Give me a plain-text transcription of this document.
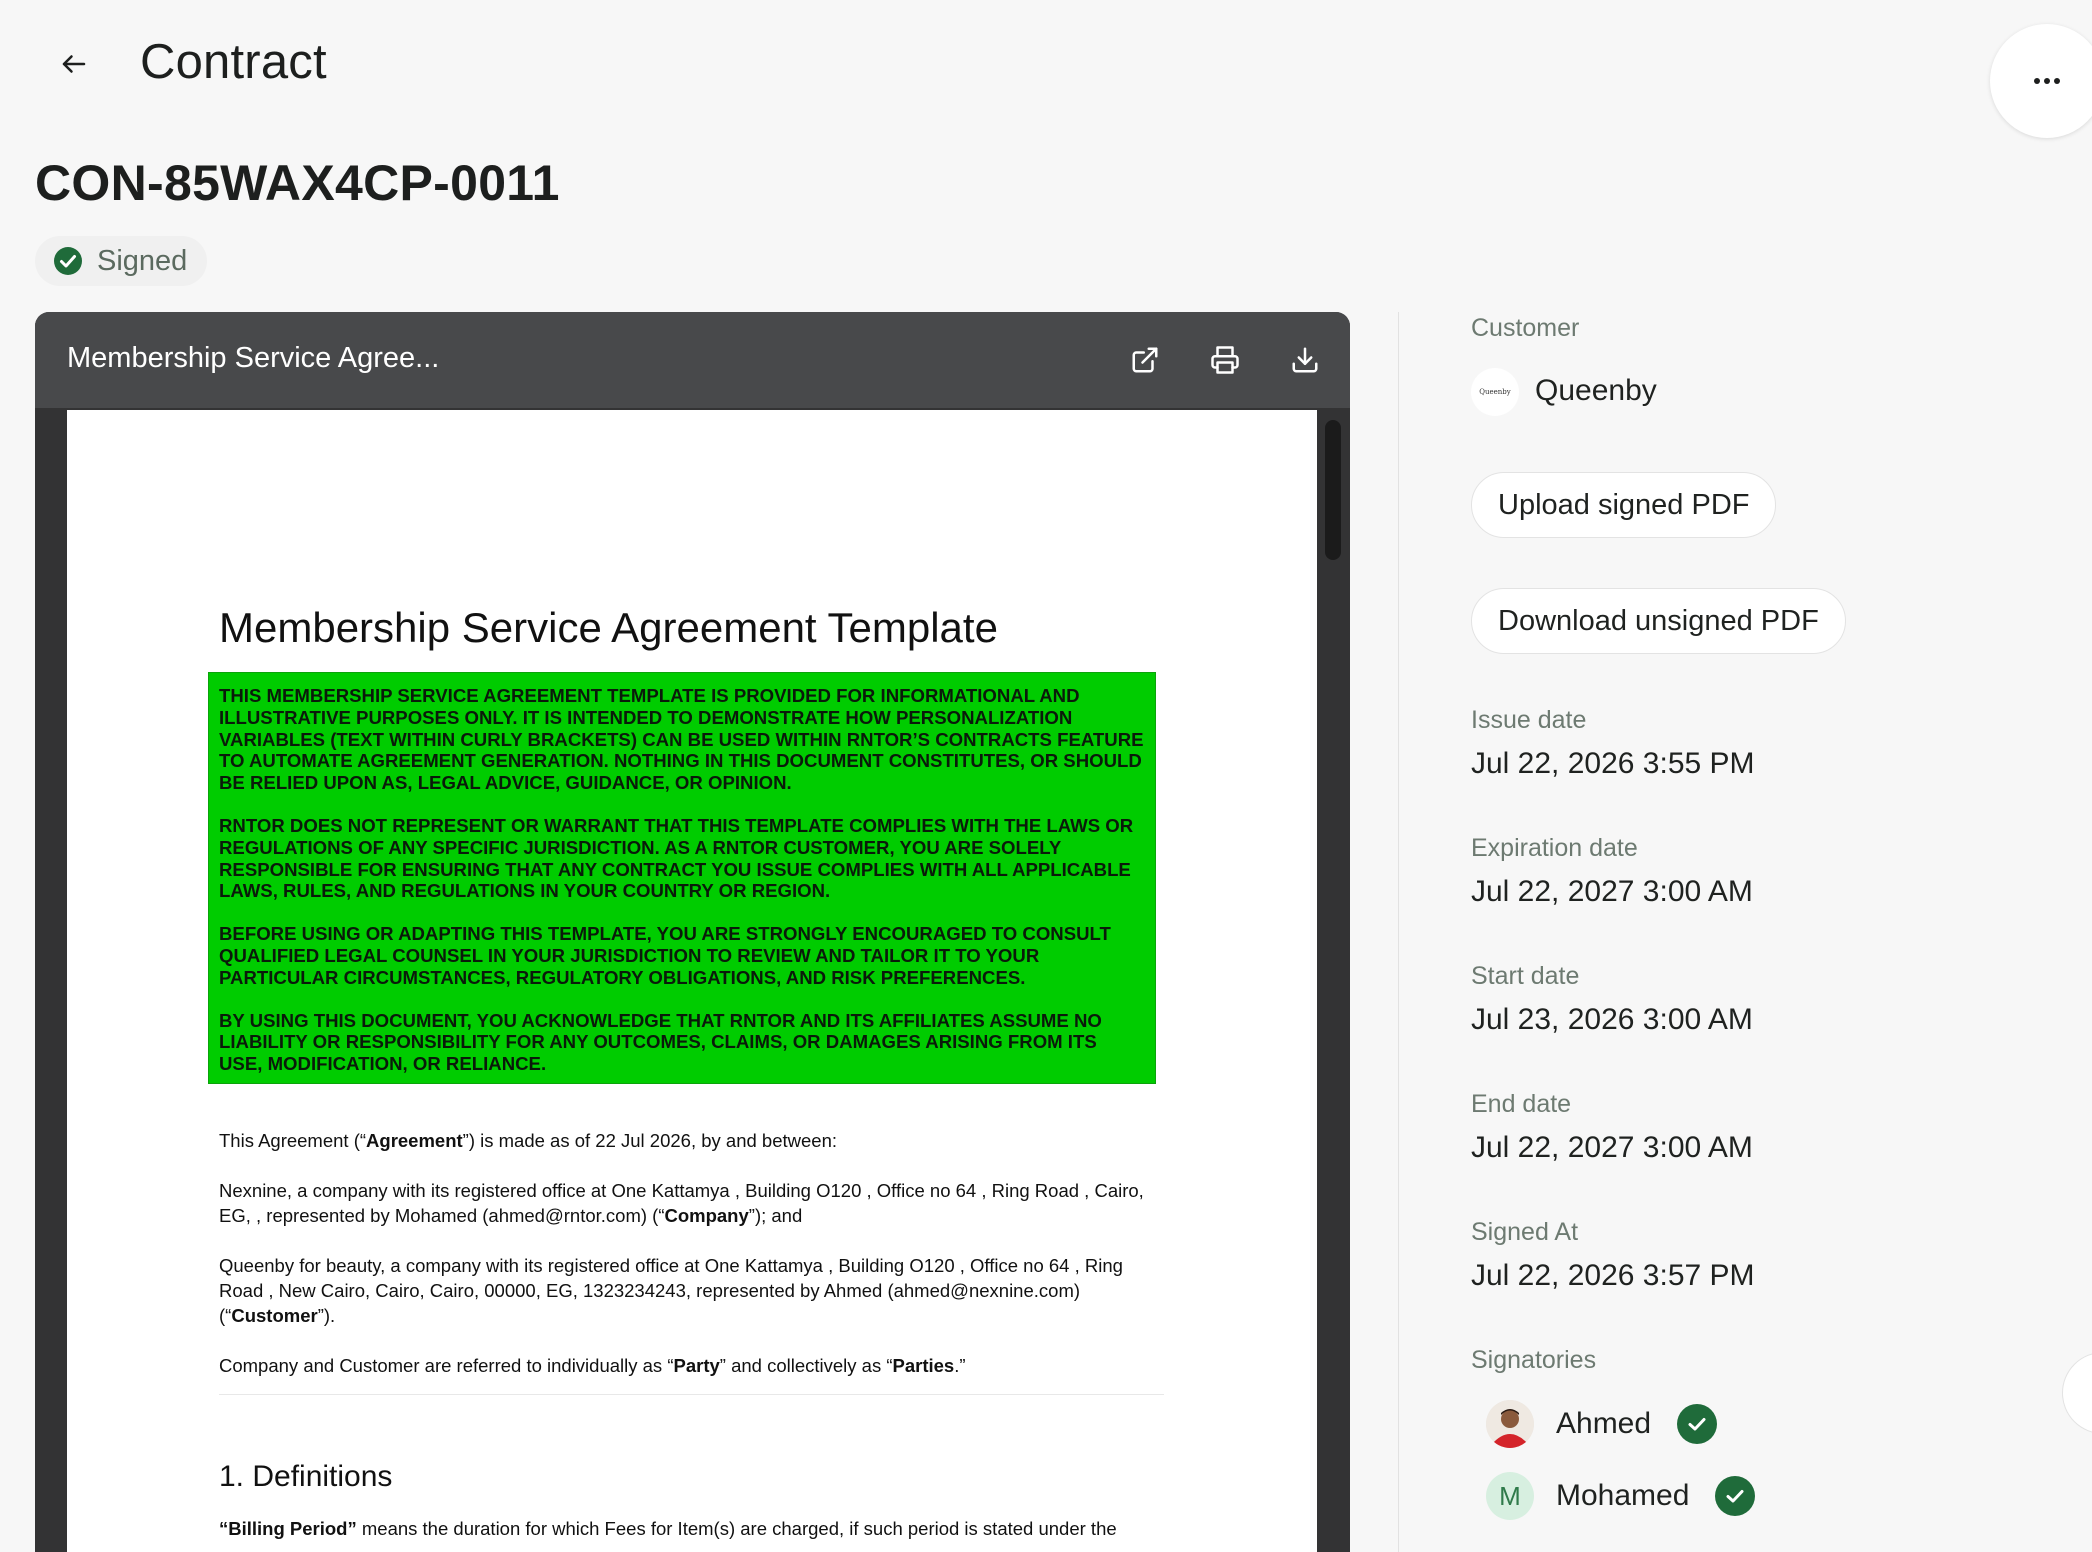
Contract
CON-85WAX4CP-0011
Signed
Membership Service Agree...
Membership Service Agreement Template

THIS MEMBERSHIP SERVICE AGREEMENT TEMPLATE IS PROVIDED FOR INFORMATIONAL AND ILLUSTRATIVE PURPOSES ONLY. IT IS INTENDED TO DEMONSTRATE HOW PERSONALIZATION VARIABLES (TEXT WITHIN CURLY BRACKETS) CAN BE USED WITHIN RNTOR’S CONTRACTS FEATURE TO AUTOMATE AGREEMENT GENERATION. NOTHING IN THIS DOCUMENT CONSTITUTES, OR SHOULD BE RELIED UPON AS, LEGAL ADVICE, GUIDANCE, OR OPINION.

RNTOR DOES NOT REPRESENT OR WARRANT THAT THIS TEMPLATE COMPLIES WITH THE LAWS OR REGULATIONS OF ANY SPECIFIC JURISDICTION. AS A RNTOR CUSTOMER, YOU ARE SOLELY RESPONSIBLE FOR ENSURING THAT ANY CONTRACT YOU ISSUE COMPLIES WITH ALL APPLICABLE LAWS, RULES, AND REGULATIONS IN YOUR COUNTRY OR REGION.

BEFORE USING OR ADAPTING THIS TEMPLATE, YOU ARE STRONGLY ENCOURAGED TO CONSULT QUALIFIED LEGAL COUNSEL IN YOUR JURISDICTION TO REVIEW AND TAILOR IT TO YOUR PARTICULAR CIRCUMSTANCES, REGULATORY OBLIGATIONS, AND RISK PREFERENCES.

BY USING THIS DOCUMENT, YOU ACKNOWLEDGE THAT RNTOR AND ITS AFFILIATES ASSUME NO LIABILITY OR RESPONSIBILITY FOR ANY OUTCOMES, CLAIMS, OR DAMAGES ARISING FROM ITS USE, MODIFICATION, OR RELIANCE.

This Agreement (“Agreement”) is made as of 22 Jul 2026, by and between:
Nexnine, a company with its registered office at One Kattamya , Building O120 , Office no 64 , Ring Road , Cairo, EG, , represented by Mohamed (ahmed@rntor.com) (“Company”); and
Queenby for beauty, a company with its registered office at One Kattamya , Building O120 , Office no 64 , Ring Road , New Cairo, Cairo, Cairo, 00000, EG, 1323234243, represented by Ahmed (ahmed@nexnine.com) (“Customer”).
Company and Customer are referred to individually as “Party” and collectively as “Parties.”
1. Definitions
“Billing Period” means the duration for which Fees for Item(s) are charged, if such period is stated under the
Customer
Queenby Queenby
Upload signed PDF
Download unsigned PDF
Issue date
Jul 22, 2026 3:55 PM
Expiration date
Jul 22, 2027 3:00 AM
Start date
Jul 23, 2026 3:00 AM
End date
Jul 22, 2027 3:00 AM
Signed At
Jul 22, 2026 3:57 PM
Signatories
Ahmed
M Mohamed
